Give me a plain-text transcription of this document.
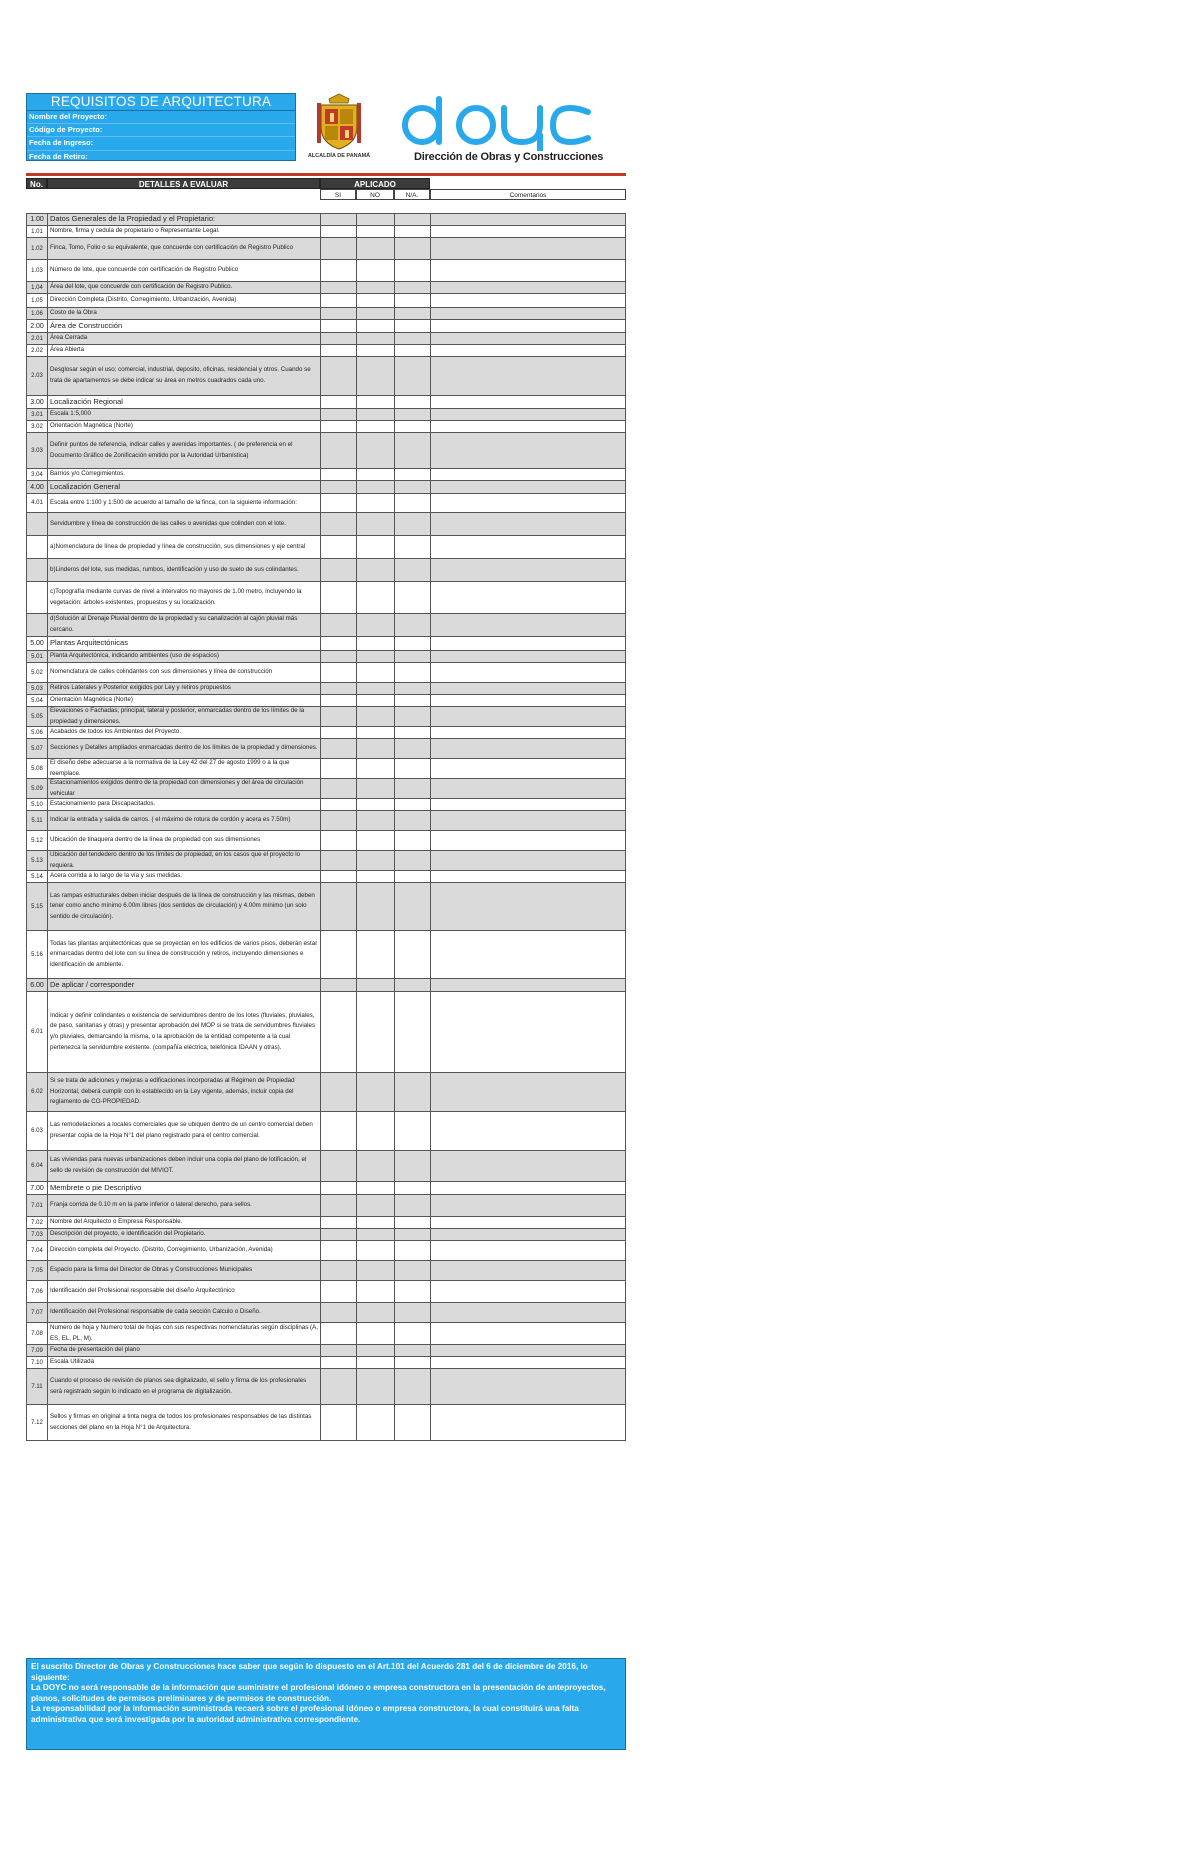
REQUISITOS DE ARQUITECTURA
Nombre del Proyecto:
Código de Proyecto:
Fecha de Ingreso:
Fecha de Retiro:	ALCALDÍA DE PANAMÁ	Dirección de Obras y Construcciones
No.	DETALLES A EVALUAR	APLICADO
SI	NO	N/A.	Comentarios
1.00 Datos Generales de la Propiedad y el Propietario:
1.01	Nombre, firma y cedula de propietario o Representante Legal.
1.02	Finca, Tomo, Folio o su equivalente, que concuerde con certificación de Registro Publico
1.03	Número de lote, que concuerde con certificación de Registro Publico
1.04	Área del lote, que concuerde con certificación de Registro Publico.
1.05	Dirección Completa (Distrito, Corregimiento, Urbanización, Avenida)
1.06	Costo de la Obra
2.00 Área de Construcción
2.01	Área Cerrada
2.02	Área Abierta
2.03
Desglosar según el uso; comercial, industrial, deposito, oficinas, residencial y otros. Cuando se trata de apartamentos se debe indicar su área en metros cuadrados cada uno.
3.00 Localización Regional
3.01	Escala 1:5,000
3.02	Orientación Magnética (Norte)
3.03
Definir puntos de referencia, indicar calles y avenidas importantes. ( de preferencia en el Documento Gráfico de Zonificación emitido por la Autoridad Urbanística)
3.04	Barrios y/o Corregimientos.
4.00 Localización General
4.01	Escala entre 1:100 y 1:500 de acuerdo al tamaño de la finca, con la siguiente información:
Servidumbre y línea de construcción de las calles o avenidas que colinden con el lote.
a)Nomenclatura de línea de propiedad y línea de construcción, sus dimensiones y eje central
b)Linderos del lote, sus medidas, rumbos, identificación y uso de suelo de sus colindantes.
c)Topografía mediante curvas de nivel a intervalos no mayores de 1.00 metro, incluyendo la vegetación: árboles existentes, propuestos y su localización.
d)Solución al Drenaje Pluvial dentro de la propiedad y su canalización al cajón pluvial más cercano.
5.00 Plantas Arquitectónicas
5.01	Planta Arquitectónica, indicando ambientes (uso de espacios)
5.02	Nomenclatura de calles colindantes con sus dimensiones y línea de construcción
5.03	Retiros Laterales y Posterior exigidos por Ley y retiros propuestos
5.04	Orientación Magnética (Norte)
5.05
Elevaciones o Fachadas; principal, lateral y posterior, enmarcadas dentro de los límites de la propiedad y dimensiones.
5.06	Acabados de todos los Ambientes del Proyecto.
5.07	Secciones y Detalles ampliados enmarcadas dentro de los límites de la propiedad y dimensiones.
5.08
El diseño debe adecuarse a la normativa de la Ley 42 del 27 de agosto 1999 o a la que reemplace.
5.09
Estacionamientos exigidos dentro de la propiedad con dimensiones y del área de circulación vehicular
5.10	Estacionamiento para Discapacitados.
5.11	Indicar la entrada y salida de carros. ( el máximo de rotura de cordón y acera es 7.50m)
5.12	Ubicación de tinaquera dentro de la línea de propiedad con sus dimensiones
5.13
Ubicación del tendedero dentro de los límites de propiedad, en los casos que el proyecto lo requiera.
5.14	Acera corrida a lo largo de la vía y sus medidas.
5.15
Las rampas estructurales deben iniciar después de la línea de construcción y las mismas, deben tener como ancho mínimo 6.00m libres (dos sentidos de circulación) y 4.00m mínimo (un solo sentido de circulación).
5.16
Todas las plantas arquitectónicas que se proyectan en los edificios de varios pisos, deberán estar enmarcadas dentro del lote con su línea de construcción y retiros, incluyendo dimensiones e identificación de ambiente.
6.00 De aplicar / corresponder
6.01
Indicar y definir colindantes o existencia de servidumbres dentro de los lotes (fluviales, pluviales, de paso, sanitarias y otras) y presentar aprobación del MOP si se trata de servidumbres fluviales y/o pluviales, demarcando la misma, o la aprobación de la entidad competente a la cual pertenezca la servidumbre existente. (compañía eléctrica, telefónica IDAAN y otras).
6.02
Si se trata de adiciones y mejoras a edificaciones incorporadas al Régimen de Propiedad Horizontal, deberá cumplir con lo establecido en la Ley vigente, además, incluir copia del reglamento de CO-PROPIEDAD.
6.03
Las remodelaciones a locales comerciales que se ubiquen dentro de un centro comercial deben presentar copia de la Hoja N°1 del plano registrado para el centro comercial.
6.04
Las viviendas para nuevas urbanizaciones deben incluir una copia del plano de lotificación, el sello de revisión de construcción del MIVIOT.
7.00 Membrete o pie Descriptivo
7.01	Franja corrida de 0.10 m en la parte inferior o lateral derecho, para sellos.
7.02	Nombre del Arquitecto o Empresa Responsable.
7.03	Descripción del proyecto, e identificación del Propietario.
7.04	Dirección completa del Proyecto. (Distrito, Corregimiento, Urbanización, Avenida)
7.05	Espacio para la firma del Director de Obras y Construcciones Municipales
7.06	Identificación del Profesional responsable del diseño Arquitectónico
7.07	Identificación del Profesional responsable de cada sección Calculo o Diseño.
7.08
Numero de hoja y Numero total de hojas con sus respectivas nomenclaturas según disciplinas (A, ES, EL, PL, M).
7.09	Fecha de presentación del plano
7.10	Escala Utilizada
7.11
Cuando el proceso de revisión de planos sea digitalizado, el sello y firma de los profesionales será registrado según lo indicado en el programa de digitalización.
7.12
Sellos y firmas en original a tinta negra de todos los profesionales responsables de las distintas secciones del plano en la Hoja N°1 de Arquitectura.
El suscrito Director de Obras y Construcciones hace saber que según lo dispuesto en el Art.101 del Acuerdo 281 del 6 de diciembre de 2016, lo siguiente:
La DOYC no será responsable de la información que suministre el profesional idóneo o empresa constructora en la presentación de anteproyectos, planos, solicitudes de permisos preliminares y de permisos de construcción.
La responsabilidad por la información suministrada recaerá sobre el profesional idóneo o empresa constructora, la cual constituirá una falta administrativa que será investigada por la autoridad administrativa correspondiente.
